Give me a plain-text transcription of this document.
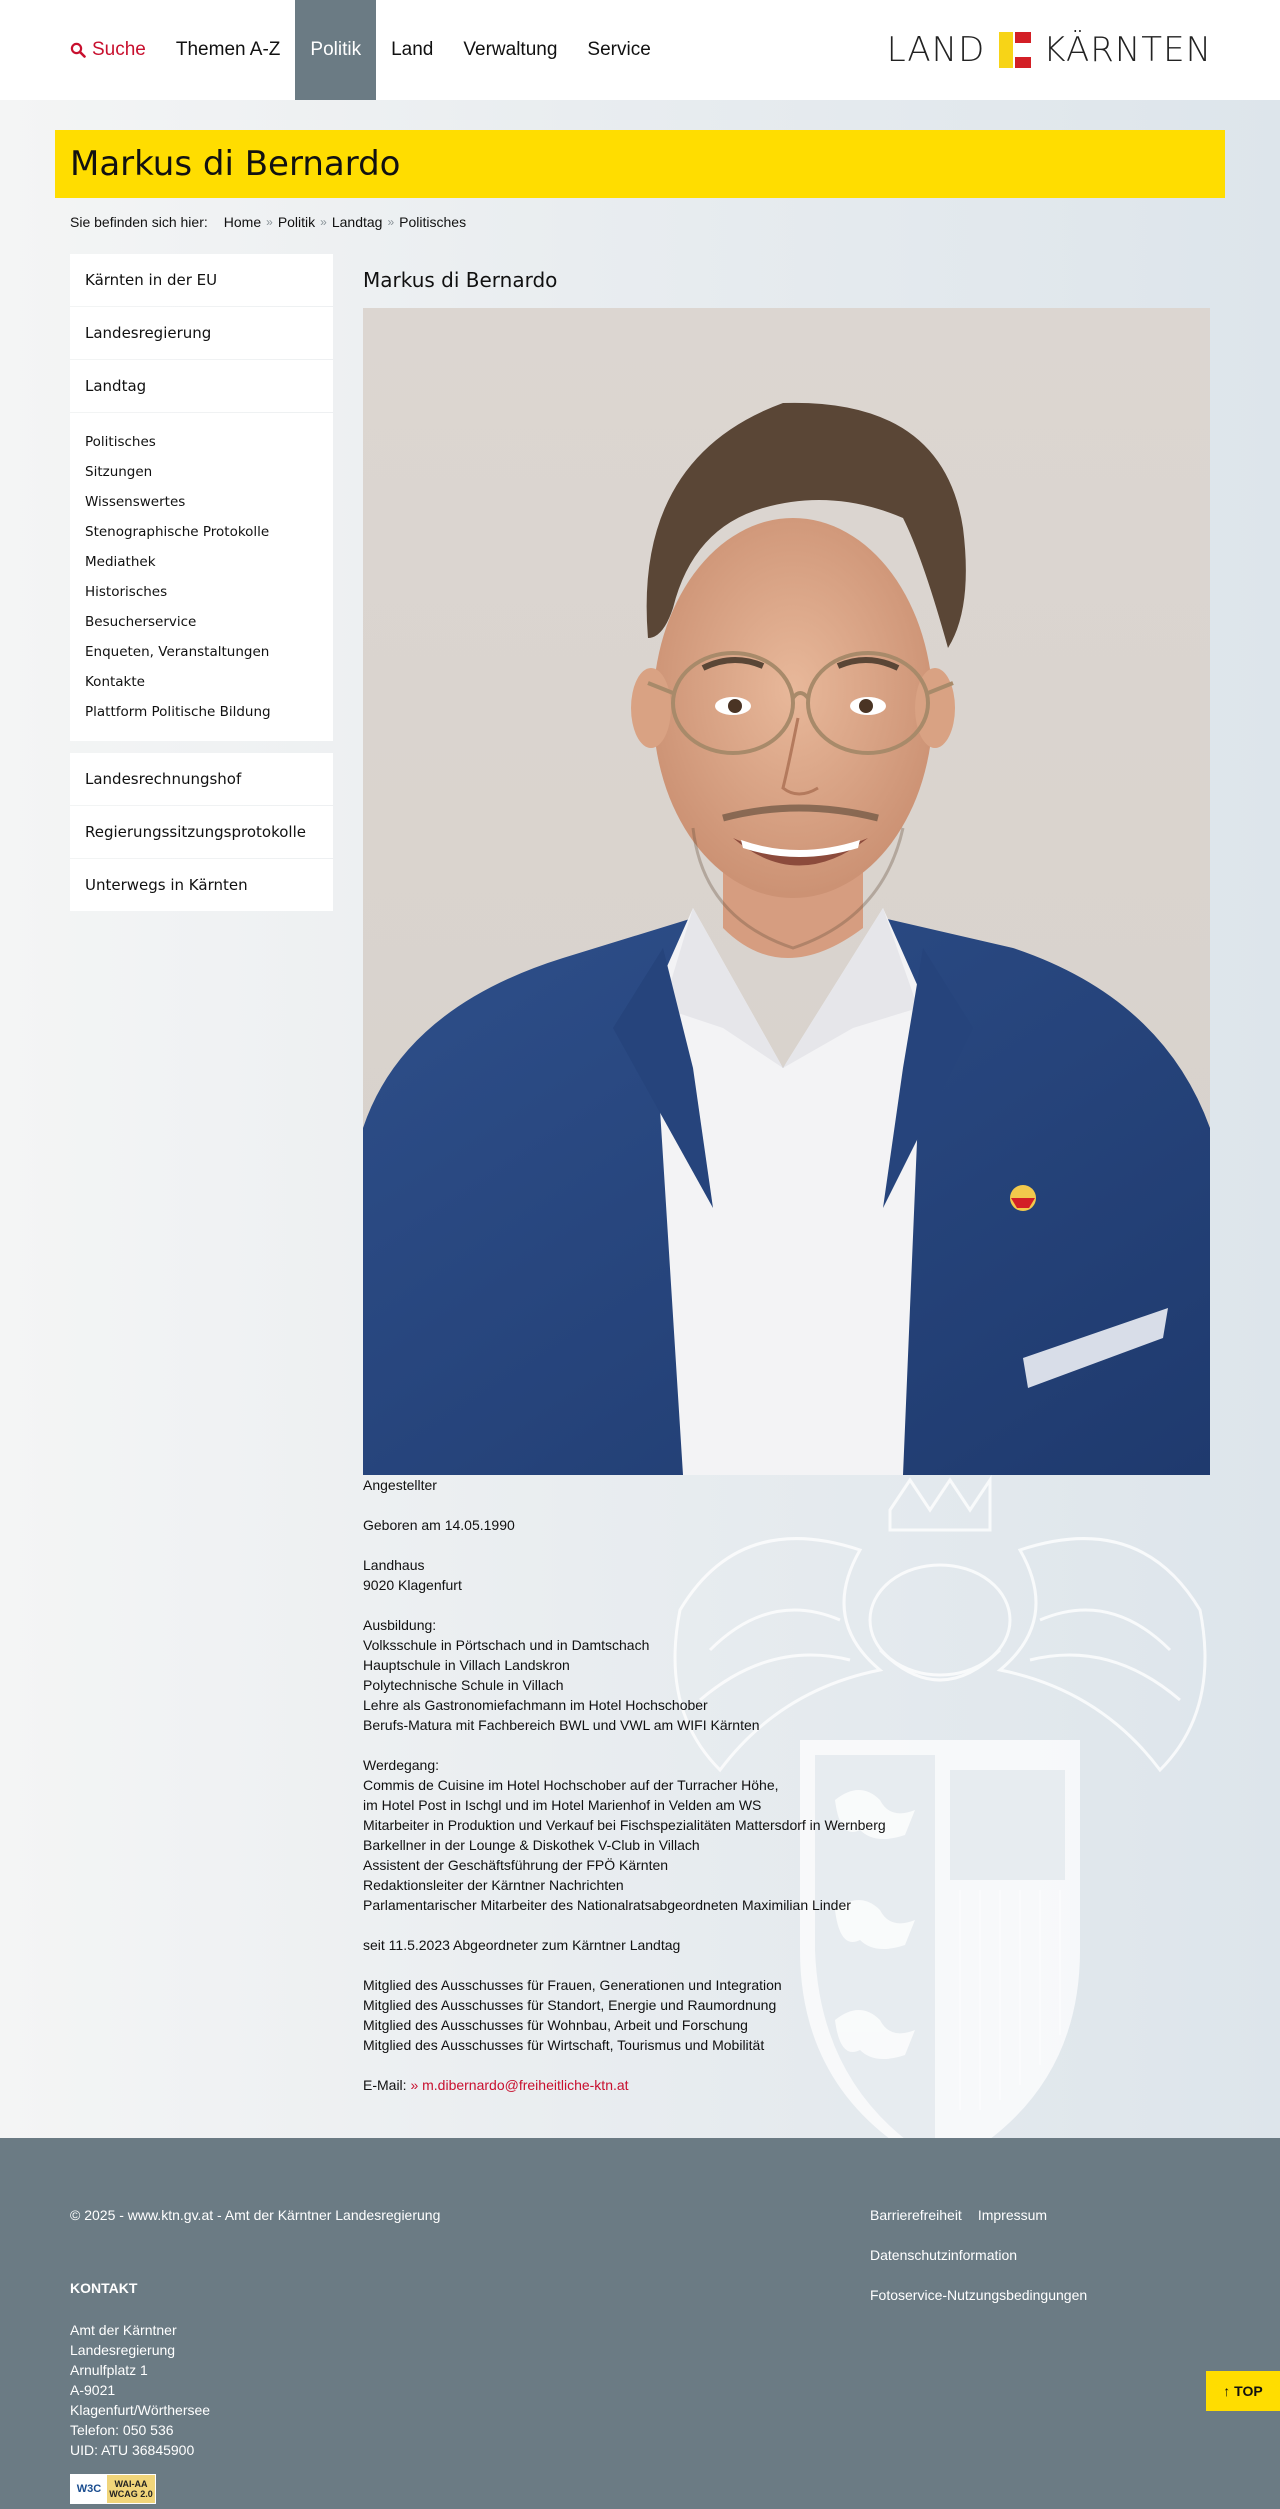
Suche	Themen A-Z	Politik	Land	Verwaltung	Service	LAND KÄRNTEN
Markus di Bernardo
Sie befinden sich hier: Home » Politik » Landtag » Politisches
Kärnten in der EU
Landesregierung
Landtag
Politisches
Sitzungen
Wissenswertes
Stenographische Protokolle
Mediathek
Historisches
Besucherservice
Enqueten, Veranstaltungen
Kontakte
Plattform Politische Bildung
Landesrechnungshof
Regierungssitzungsprotokolle
Unterwegs in Kärnten
Markus di Bernardo

Angestellter

Geboren am 14.05.1990

Landhaus
9020 Klagenfurt

Ausbildung:
Volksschule in Pörtschach und in Damtschach
Hauptschule in Villach Landskron
Polytechnische Schule in Villach
Lehre als Gastronomiefachmann im Hotel Hochschober
Berufs-Matura mit Fachbereich BWL und VWL am WIFI Kärnten

Werdegang:
Commis de Cuisine im Hotel Hochschober auf der Turracher Höhe,
im Hotel Post in Ischgl und im Hotel Marienhof in Velden am WS
Mitarbeiter in Produktion und Verkauf bei Fischspezialitäten Mattersdorf in Wernberg
Barkellner in der Lounge & Diskothek V-Club in Villach
Assistent der Geschäftsführung der FPÖ Kärnten
Redaktionsleiter der Kärntner Nachrichten
Parlamentarischer Mitarbeiter des Nationalratsabgeordneten Maximilian Linder

seit 11.5.2023 Abgeordneter zum Kärntner Landtag

Mitglied des Ausschusses für Frauen, Generationen und Integration
Mitglied des Ausschusses für Standort, Energie und Raumordnung
Mitglied des Ausschusses für Wohnbau, Arbeit und Forschung
Mitglied des Ausschusses für Wirtschaft, Tourismus und Mobilität

E-Mail: » m.dibernardo@freiheitliche-ktn.at

© 2025 - www.ktn.gv.at - Amt der Kärntner Landesregierung	Barrierefreiheit Impressum
Datenschutzinformation
Fotoservice-Nutzungsbedingungen
KONTAKT
Amt der Kärntner
Landesregierung
Arnulfplatz 1
A-9021
Klagenfurt/Wörthersee
Telefon: 050 536
UID: ATU 36845900
W3C	WAI-AA
WCAG 2.0
↑ TOP
